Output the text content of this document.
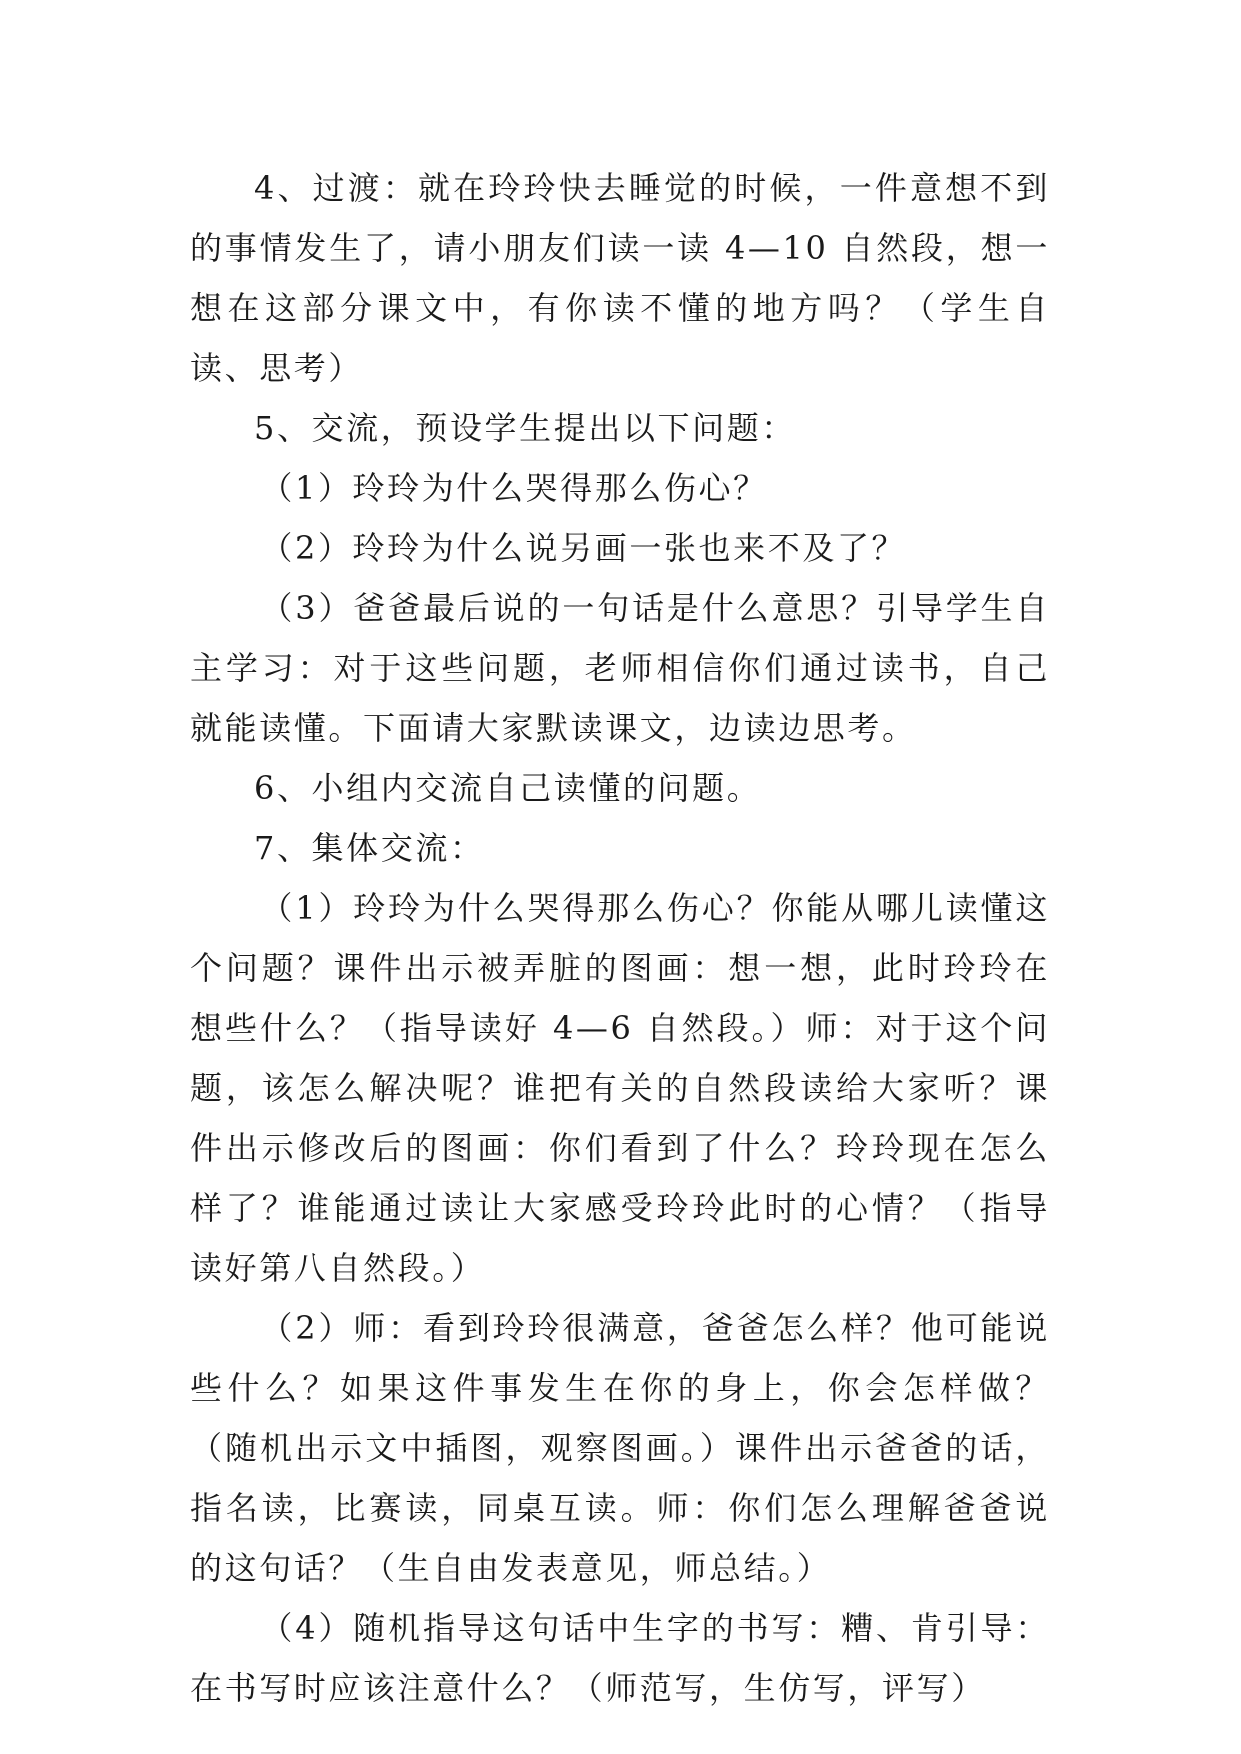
4、过渡：就在玲玲快去睡觉的时候，一件意想不到的事情发生了，请小朋友们读一读 4—10 自然段，想一想在这部分课文中，有你读不懂的地方吗？（学生自读、思考）

5、交流，预设学生提出以下问题：

（1）玲玲为什么哭得那么伤心？

（2）玲玲为什么说另画一张也来不及了？

（3）爸爸最后说的一句话是什么意思？引导学生自主学习：对于这些问题，老师相信你们通过读书，自己就能读懂。下面请大家默读课文，边读边思考。

6、小组内交流自己读懂的问题。

7、集体交流：

（1）玲玲为什么哭得那么伤心？你能从哪儿读懂这个问题？课件出示被弄脏的图画：想一想，此时玲玲在想些什么？（指导读好 4—6 自然段。）师：对于这个问题，该怎么解决呢？谁把有关的自然段读给大家听？课件出示修改后的图画：你们看到了什么？玲玲现在怎么样了？谁能通过读让大家感受玲玲此时的心情？（指导读好第八自然段。）

（2）师：看到玲玲很满意，爸爸怎么样？他可能说些什么？如果这件事发生在你的身上，你会怎样做？（随机出示文中插图，观察图画。）课件出示爸爸的话，指名读，比赛读，同桌互读。师：你们怎么理解爸爸说的这句话？（生自由发表意见，师总结。）

（4）随机指导这句话中生字的书写：糟、肯引导：在书写时应该注意什么？（师范写，生仿写，评写）
